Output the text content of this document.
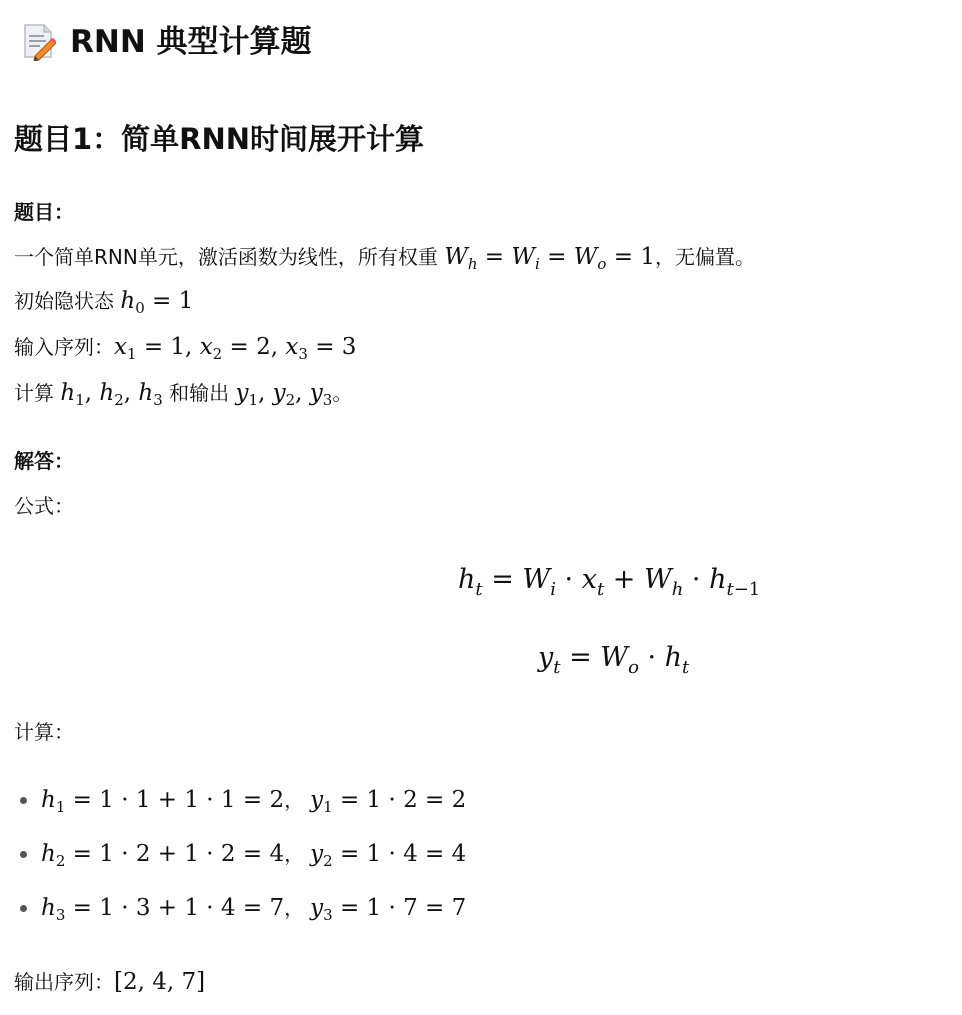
RNN 典型计算题
题目1：简单RNN时间展开计算
题目：
一个简单RNN单元，激活函数为线性，所有权重 $W_h = W_i = W_o = 1$，无偏置。
初始隐状态 $h_0 = 1$
输入序列：$x_1 = 1$, $x_2 = 2$, $x_3 = 3$
计算 $h_1$, $h_2$, $h_3$ 和输出 $y_1$, $y_2$, $y_3$。
解答：
公式：
$h_t = W_i \cdot x_t + W_h \cdot h_{t-1}$
$y_t = W_o \cdot h_t$
计算：
$h_1 = 1 \cdot 1 + 1 \cdot 1 = 2$ ， $y_1 = 1 \cdot 2 = 2$
$h_2 = 1 \cdot 2 + 1 \cdot 2 = 4$ ， $y_2 = 1 \cdot 4 = 4$
$h_3 = 1 \cdot 3 + 1 \cdot 4 = 7$ ， $y_3 = 1 \cdot 7 = 7$
输出序列：[2, 4, 7]
